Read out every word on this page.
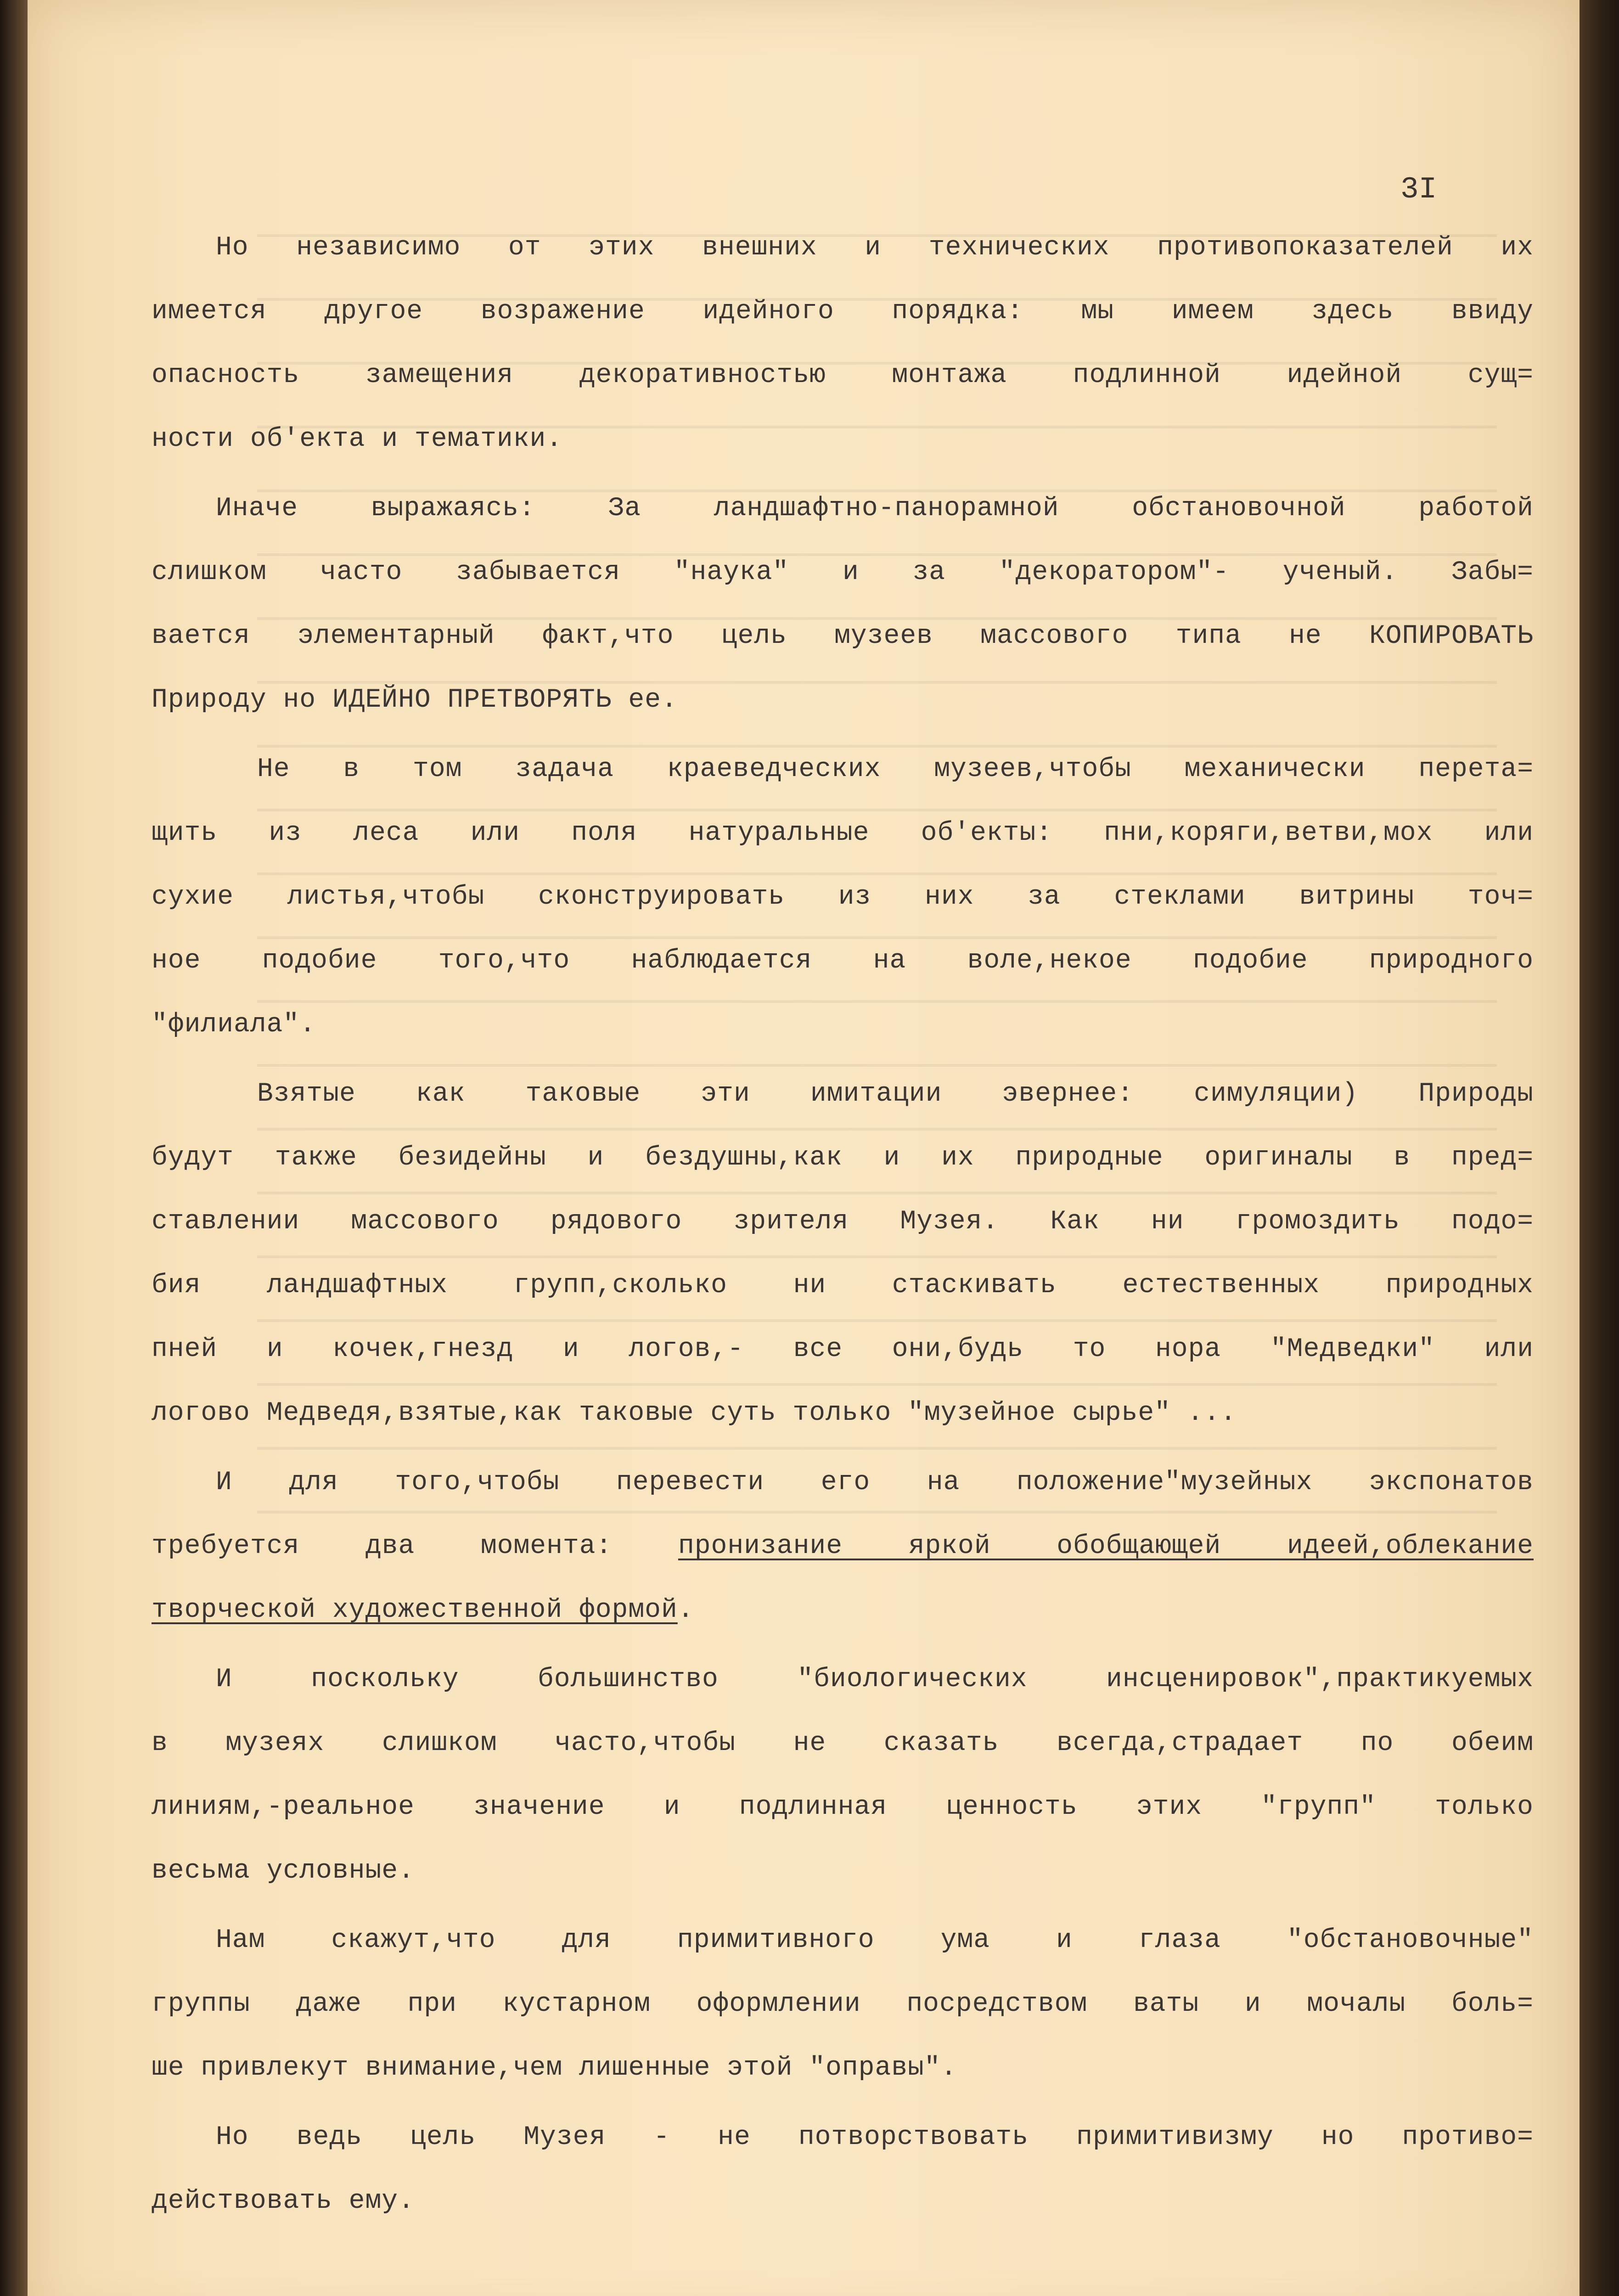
3I

Но независимо от этих внешних и технических противопоказателей их

имеется другое возражение идейного порядка: мы имеем здесь ввиду

опасность замещения декоративностью монтажа подлинной идейной сущ=

ности об'екта и тематики.

Иначе выражаясь: За ландшафтно-панорамной обстановочной работой

слишком часто забывается "наука" и за "декоратором"- ученый. Забы=

вается элементарный факт,что цель музеев массового типа не КОПИРОВАТЬ

Природу но ИДЕЙНО ПРЕТВОРЯТЬ ее.

Не в том задача краеведческих музеев,чтобы механически перета=

щить из леса или поля натуральные об'екты: пни,коряги,ветви,мох или

сухие листья,чтобы сконструировать из них за стеклами витрины точ=

ное подобие того,что наблюдается на воле,некое подобие природного

"филиала".

Взятые как таковые эти имитации эвернее: симуляции) Природы

будут также безидейны и бездушны,как и их природные оригиналы в пред=

ставлении массового рядового зрителя Музея. Как ни громоздить подо=

бия ландшафтных групп,сколько ни стаскивать естественных природных

пней и кочек,гнезд и логов,- все они,будь то нора "Медведки" или

логово Медведя,взятые,как таковые суть только "музейное сырье" ...

И для того,чтобы перевести его на положение"музейных экспонатов

требуется два момента: пронизание яркой обобщающей идеей,облекание

творческой художественной формой.

И поскольку большинство "биологических инсценировок",практикуемых

в музеях слишком часто,чтобы не сказать всегда,страдает по обеим

линиям,-реальное значение и подлинная ценность этих "групп" только

весьма условные.

Нам скажут,что для примитивного ума и глаза "обстановочные"

группы даже при кустарном оформлении посредством ваты и мочалы боль=

ше привлекут внимание,чем лишенные этой "оправы".

Но ведь цель Музея - не потворствовать примитивизму но противо=

действовать ему.
